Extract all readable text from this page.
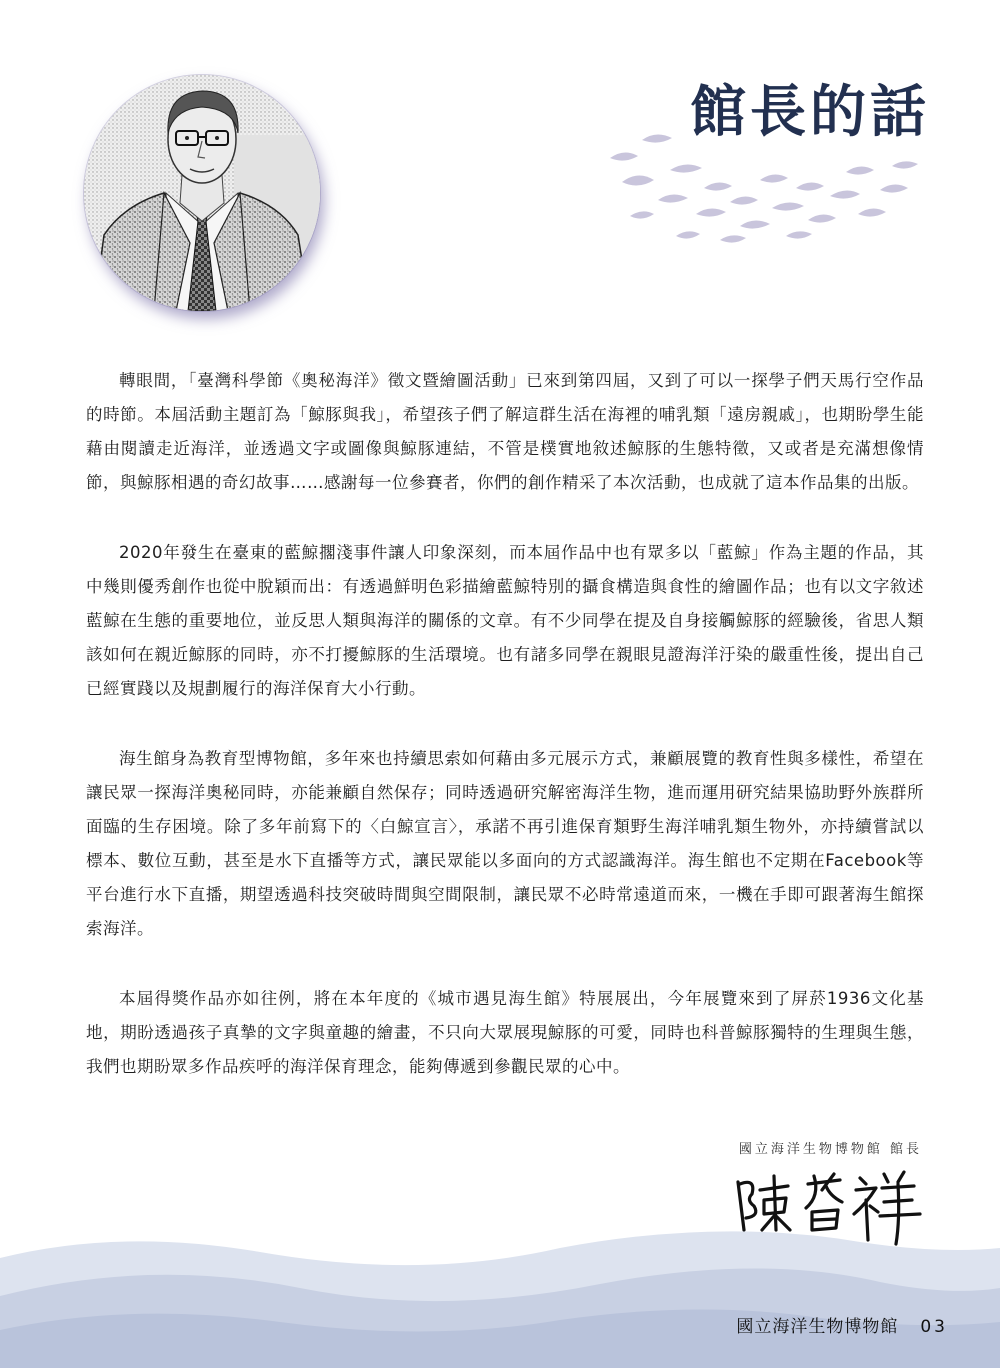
館長的話

轉眼間，「臺灣科學節《奧秘海洋》徵文暨繪圖活動」已來到第四屆，又到了可以一探學子們天馬行空作品的時節。本屆活動主題訂為「鯨豚與我」，希望孩子們了解這群生活在海裡的哺乳類「遠房親戚」，也期盼學生能藉由閱讀走近海洋，並透過文字或圖像與鯨豚連結，不管是樸實地敘述鯨豚的生態特徵，又或者是充滿想像情節，與鯨豚相遇的奇幻故事……感謝每一位參賽者，你們的創作精采了本次活動，也成就了這本作品集的出版。

2020年發生在臺東的藍鯨擱淺事件讓人印象深刻，而本屆作品中也有眾多以「藍鯨」作為主題的作品，其中幾則優秀創作也從中脫穎而出：有透過鮮明色彩描繪藍鯨特別的攝食構造與食性的繪圖作品；也有以文字敘述藍鯨在生態的重要地位，並反思人類與海洋的關係的文章。有不少同學在提及自身接觸鯨豚的經驗後，省思人類該如何在親近鯨豚的同時，亦不打擾鯨豚的生活環境。也有諸多同學在親眼見證海洋汙染的嚴重性後，提出自己已經實踐以及規劃履行的海洋保育大小行動。

海生館身為教育型博物館，多年來也持續思索如何藉由多元展示方式，兼顧展覽的教育性與多樣性，希望在讓民眾一探海洋奧秘同時，亦能兼顧自然保存；同時透過研究解密海洋生物，進而運用研究結果協助野外族群所面臨的生存困境。除了多年前寫下的〈白鯨宣言〉，承諾不再引進保育類野生海洋哺乳類生物外，亦持續嘗試以標本、數位互動，甚至是水下直播等方式，讓民眾能以多面向的方式認識海洋。海生館也不定期在Facebook等平台進行水下直播，期望透過科技突破時間與空間限制，讓民眾不必時常遠道而來，一機在手即可跟著海生館探索海洋。

本屆得獎作品亦如往例，將在本年度的《城市遇見海生館》特展展出，今年展覽來到了屏菸1936文化基地，期盼透過孩子真摯的文字與童趣的繪畫，不只向大眾展現鯨豚的可愛，同時也科普鯨豚獨特的生理與生態，我們也期盼眾多作品疾呼的海洋保育理念，能夠傳遞到參觀民眾的心中。

國立海洋生物博物館 館長
國立海洋生物博物館 03
